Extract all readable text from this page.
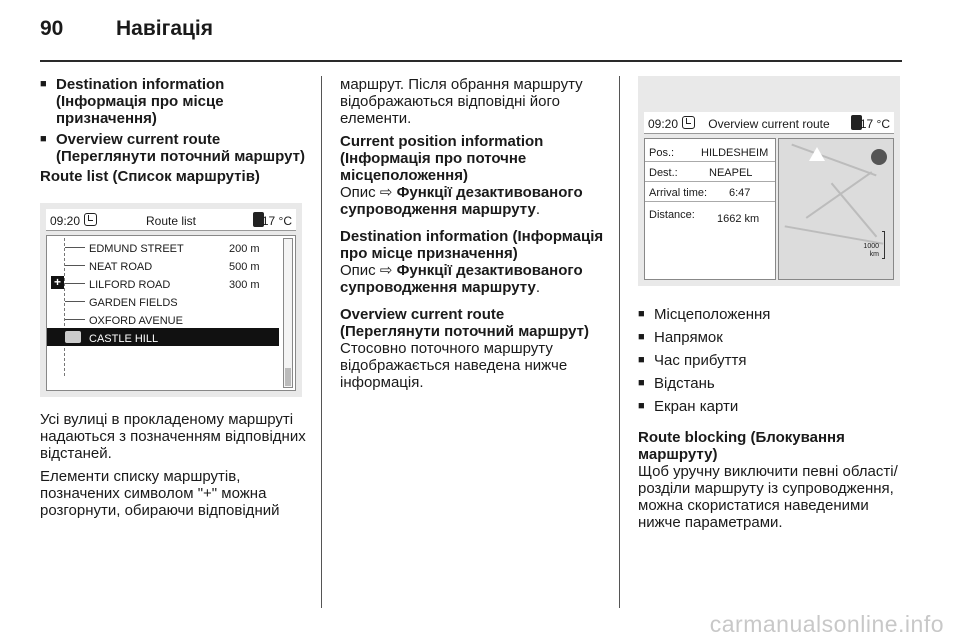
90	Навігація
■ Destination information
(Інформація про місце призначення)
■ Overview current route
(Переглянути поточний маршрут)
Route list (Список маршрутів)
09:20	Route list	17 °C
EDMUND STREET	200 m
NEAT ROAD	500 m
+	LILFORD ROAD	300 m
GARDEN FIELDS
OXFORD AVENUE
CASTLE HILL
Усі вулиці в прокладеному маршруті надаються з позначенням відповідних відстаней.
Елементи списку маршрутів, позначених символом "+" можна розгорнути, обираючи відповідний
маршрут. Після обрання маршруту відображаються відповідні його елементи.
Current position information (Інформація про поточне місцеположення)
Опис ⇨ Функції дезактивованого супроводження маршруту.
Destination information (Інформація про місце призначення)
Опис ⇨ Функції дезактивованого супроводження маршруту.
Overview current route (Переглянути поточний маршрут)
Стосовно поточного маршруту відображається наведена нижче інформація.
09:20	Overview current route	17 °C
Pos.: HILDESHEIM
Dest.:	NEAPEL
Arrival time: 6:47
Distance: 1662 km
1000
km
■ Місцеположення
■ Напрямок
■ Час прибуття
■ Відстань
■ Екран карти
Route blocking (Блокування маршруту)
Щоб уручну виключити певні області/розділи маршруту із супроводження, можна скористатися наведеними нижче параметрами.
carmanualsonline.info
